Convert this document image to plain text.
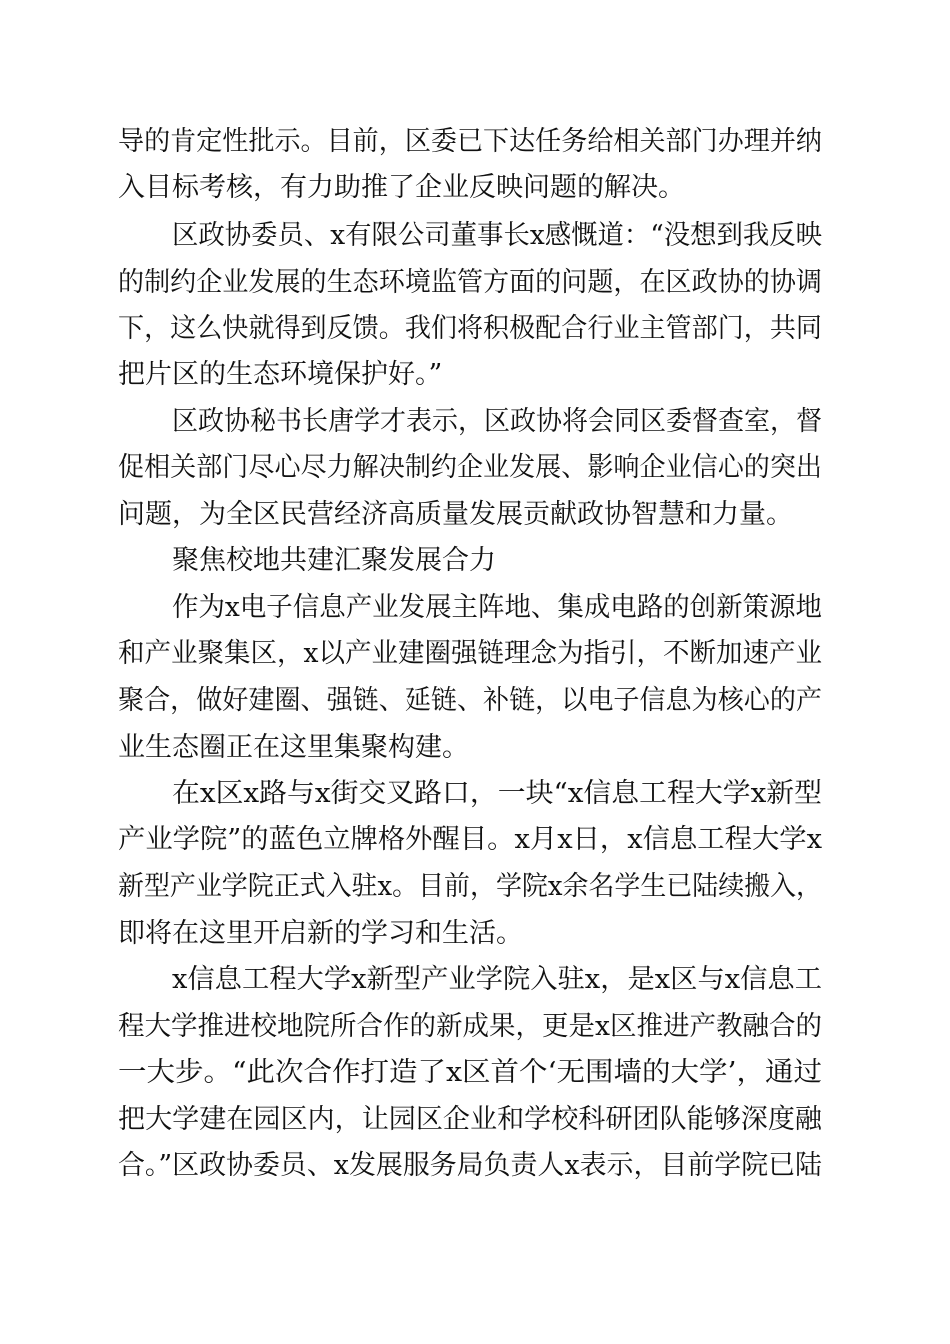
导的肯定性批示。目前，区委已下达任务给相关部门办理并纳
入目标考核，有力助推了企业反映问题的解决。
区政协委员、x有限公司董事长x感慨道：“没想到我反映
的制约企业发展的生态环境监管方面的问题，在区政协的协调
下，这么快就得到反馈。我们将积极配合行业主管部门，共同
把片区的生态环境保护好。”
区政协秘书长唐学才表示，区政协将会同区委督查室，督
促相关部门尽心尽力解决制约企业发展、影响企业信心的突出
问题，为全区民营经济高质量发展贡献政协智慧和力量。
聚焦校地共建汇聚发展合力
作为x电子信息产业发展主阵地、集成电路的创新策源地
和产业聚集区，x以产业建圈强链理念为指引，不断加速产业
聚合，做好建圈、强链、延链、补链，以电子信息为核心的产
业生态圈正在这里集聚构建。
在x区x路与x街交叉路口，一块“x信息工程大学x新型
产业学院”的蓝色立牌格外醒目。x月x日，x信息工程大学x
新型产业学院正式入驻x。目前，学院x余名学生已陆续搬入，
即将在这里开启新的学习和生活。
x信息工程大学x新型产业学院入驻x，是x区与x信息工
程大学推进校地院所合作的新成果，更是x区推进产教融合的
一大步。“此次合作打造了x区首个‘无围墙的大学’，通过
把大学建在园区内，让园区企业和学校科研团队能够深度融
合。”区政协委员、x发展服务局负责人x表示，目前学院已陆
